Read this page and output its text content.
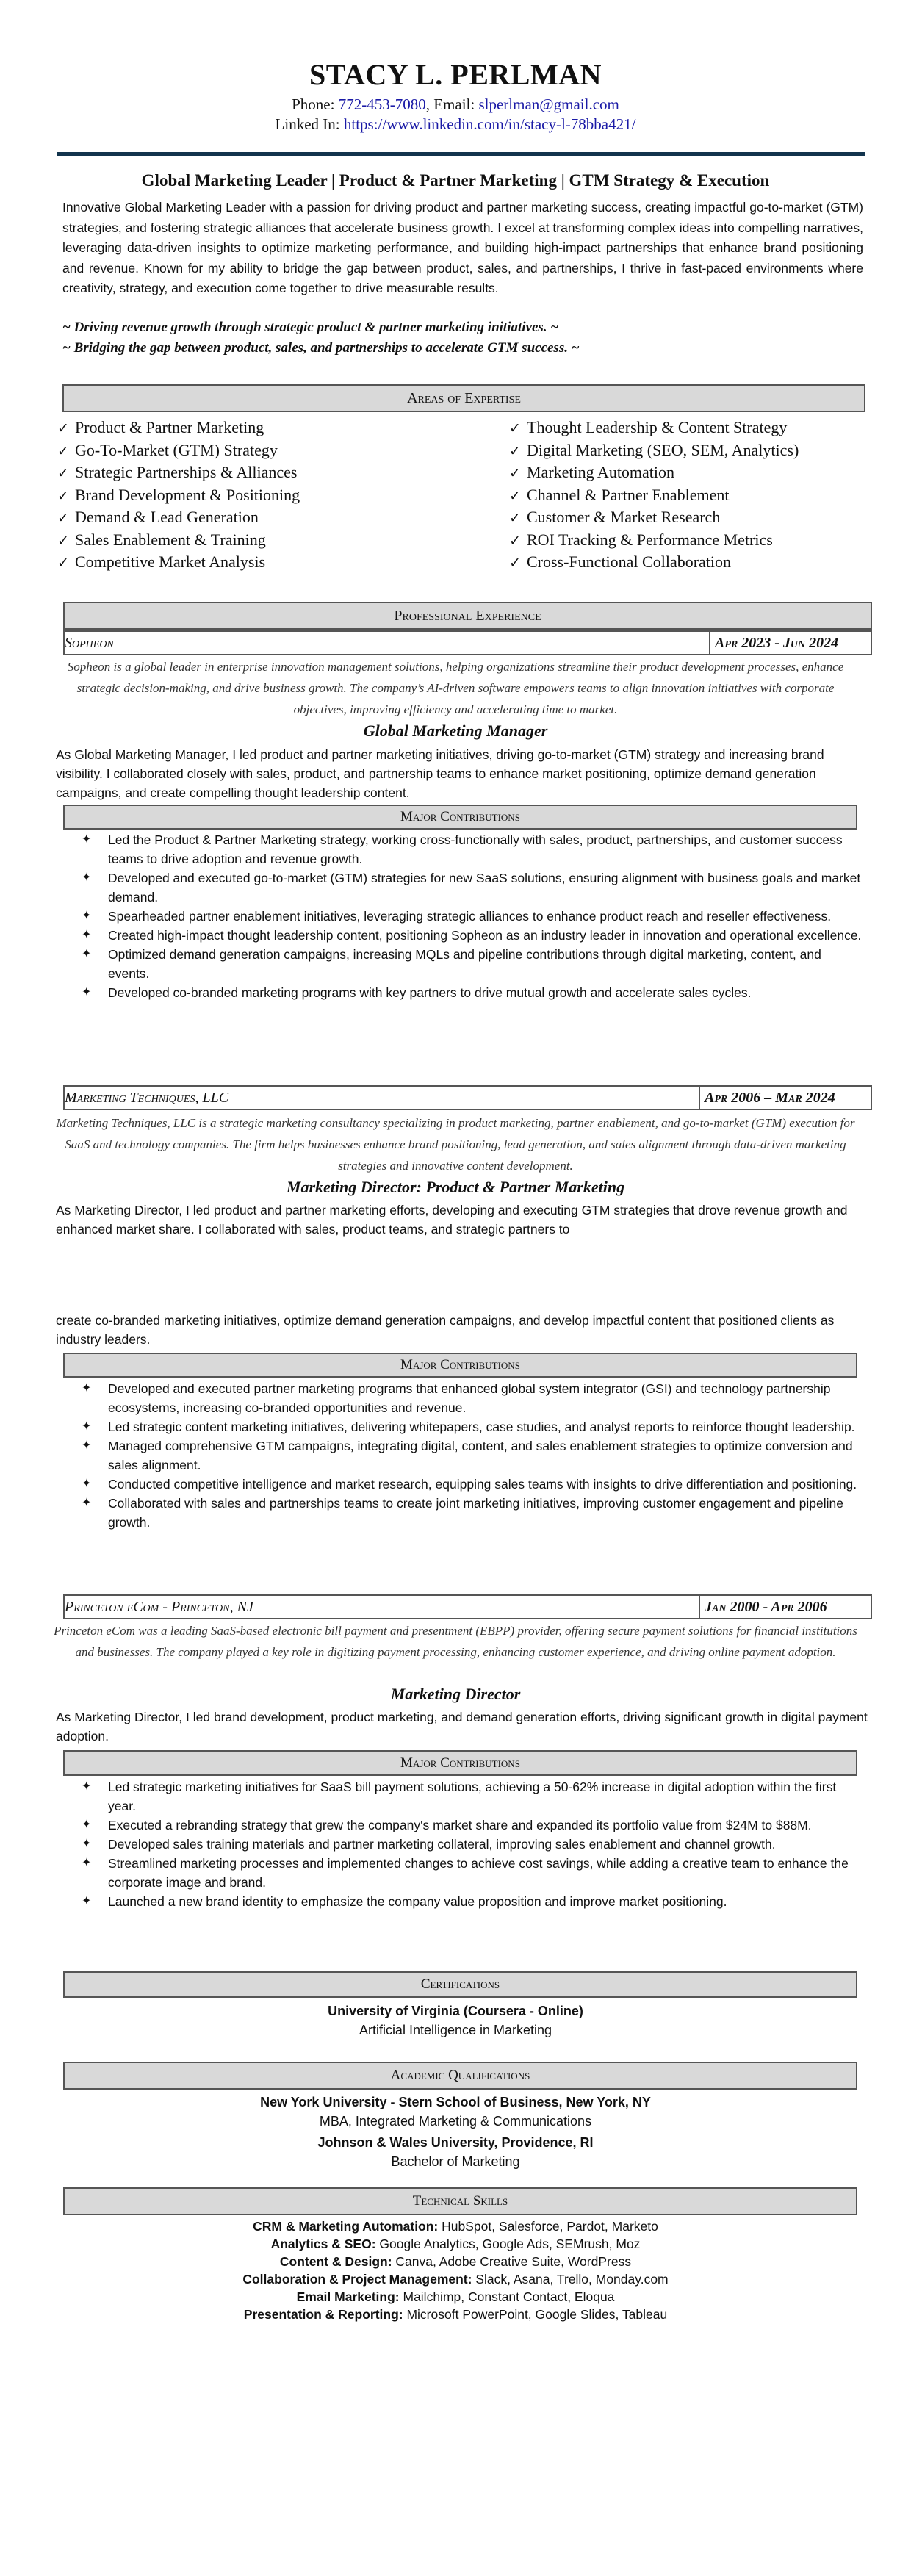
STACY L. PERLMAN
Phone: 772-453-7080, Email: slperlman@gmail.com
Linked In: https://www.linkedin.com/in/stacy-l-78bba421/
Global Marketing Leader | Product & Partner Marketing | GTM Strategy & Execution
Innovative Global Marketing Leader with a passion for driving product and partner marketing success, creating impactful go-to-market (GTM) strategies, and fostering strategic alliances that accelerate business growth. I excel at transforming complex ideas into compelling narratives, leveraging data-driven insights to optimize marketing performance, and building high-impact partnerships that enhance brand positioning and revenue. Known for my ability to bridge the gap between product, sales, and partnerships, I thrive in fast-paced environments where creativity, strategy, and execution come together to drive measurable results.
~ Driving revenue growth through strategic product & partner marketing initiatives. ~
~ Bridging the gap between product, sales, and partnerships to accelerate GTM success. ~
Areas of Expertise
✓ Product & Partner Marketing
✓ Go-To-Market (GTM) Strategy
✓ Strategic Partnerships & Alliances
✓ Brand Development & Positioning
✓ Demand & Lead Generation
✓ Sales Enablement & Training
✓ Competitive Market Analysis
✓ Thought Leadership & Content Strategy
✓ Digital Marketing (SEO, SEM, Analytics)
✓ Marketing Automation
✓ Channel & Partner Enablement
✓ Customer & Market Research
✓ ROI Tracking & Performance Metrics
✓ Cross-Functional Collaboration
Professional Experience
Sopheon	Apr 2023 - Jun 2024
Sopheon is a global leader in enterprise innovation management solutions, helping organizations streamline their product development processes, enhance strategic decision-making, and drive business growth. The company’s AI-driven software empowers teams to align innovation initiatives with corporate objectives, improving efficiency and accelerating time to market.
Global Marketing Manager
As Global Marketing Manager, I led product and partner marketing initiatives, driving go-to-market (GTM) strategy and increasing brand visibility. I collaborated closely with sales, product, and partnership teams to enhance market positioning, optimize demand generation campaigns, and create compelling thought leadership content.
Major Contributions
✦ Led the Product & Partner Marketing strategy, working cross-functionally with sales, product, partnerships, and customer success teams to drive adoption and revenue growth.
✦ Developed and executed go-to-market (GTM) strategies for new SaaS solutions, ensuring alignment with business goals and market demand.
✦ Spearheaded partner enablement initiatives, leveraging strategic alliances to enhance product reach and reseller effectiveness.
✦ Created high-impact thought leadership content, positioning Sopheon as an industry leader in innovation and operational excellence.
✦ Optimized demand generation campaigns, increasing MQLs and pipeline contributions through digital marketing, content, and events.
✦ Developed co-branded marketing programs with key partners to drive mutual growth and accelerate sales cycles.
Marketing Techniques, LLC	Apr 2006 – Mar 2024
Marketing Techniques, LLC is a strategic marketing consultancy specializing in product marketing, partner enablement, and go-to-market (GTM) execution for SaaS and technology companies. The firm helps businesses enhance brand positioning, lead generation, and sales alignment through data-driven marketing strategies and innovative content development.
Marketing Director: Product & Partner Marketing
As Marketing Director, I led product and partner marketing efforts, developing and executing GTM strategies that drove revenue growth and enhanced market share. I collaborated with sales, product teams, and strategic partners to
create co-branded marketing initiatives, optimize demand generation campaigns, and develop impactful content that positioned clients as industry leaders.
Major Contributions
✦ Developed and executed partner marketing programs that enhanced global system integrator (GSI) and technology partnership ecosystems, increasing co-branded opportunities and revenue.
✦ Led strategic content marketing initiatives, delivering whitepapers, case studies, and analyst reports to reinforce thought leadership.
✦ Managed comprehensive GTM campaigns, integrating digital, content, and sales enablement strategies to optimize conversion and sales alignment.
✦ Conducted competitive intelligence and market research, equipping sales teams with insights to drive differentiation and positioning.
✦ Collaborated with sales and partnerships teams to create joint marketing initiatives, improving customer engagement and pipeline growth.
Princeton eCom - Princeton, NJ	Jan 2000 - Apr 2006
Princeton eCom was a leading SaaS-based electronic bill payment and presentment (EBPP) provider, offering secure payment solutions for financial institutions and businesses. The company played a key role in digitizing payment processing, enhancing customer experience, and driving online payment adoption.
Marketing Director
As Marketing Director, I led brand development, product marketing, and demand generation efforts, driving significant growth in digital payment adoption.
Major Contributions
✦ Led strategic marketing initiatives for SaaS bill payment solutions, achieving a 50-62% increase in digital adoption within the first year.
✦ Executed a rebranding strategy that grew the company's market share and expanded its portfolio value from $24M to $88M.
✦ Developed sales training materials and partner marketing collateral, improving sales enablement and channel growth.
✦ Streamlined marketing processes and implemented changes to achieve cost savings, while adding a creative team to enhance the corporate image and brand.
✦ Launched a new brand identity to emphasize the company value proposition and improve market positioning.
Certifications
University of Virginia (Coursera - Online)
Artificial Intelligence in Marketing
Academic Qualifications
New York University - Stern School of Business, New York, NY
MBA, Integrated Marketing & Communications
Johnson & Wales University, Providence, RI
Bachelor of Marketing
Technical Skills
CRM & Marketing Automation: HubSpot, Salesforce, Pardot, Marketo
Analytics & SEO: Google Analytics, Google Ads, SEMrush, Moz
Content & Design: Canva, Adobe Creative Suite, WordPress
Collaboration & Project Management: Slack, Asana, Trello, Monday.com
Email Marketing: Mailchimp, Constant Contact, Eloqua
Presentation & Reporting: Microsoft PowerPoint, Google Slides, Tableau
